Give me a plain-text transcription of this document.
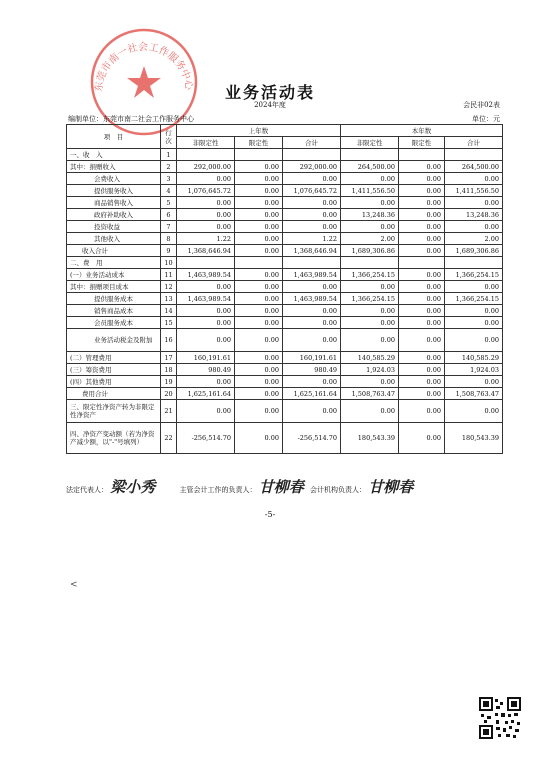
东莞市南一社会工作服务中心	业务活动表
2024年度	会民非02表
编制单位：东莞市南二社会工作服务中心	单位：元
项　目	行次	上年数			本年数		
		非限定性	限定性	合计	非限定性	限定性	合计
一、收　入	1						
其中：捐赠收入	2	292,000.00	0.00	292,000.00	264,500.00	0.00	264,500.00
会费收入	3	0.00	0.00	0.00	0.00	0.00	0.00
提供服务收入	4	1,076,645.72	0.00	1,076,645.72	1,411,556.50	0.00	1,411,556.50
商品销售收入	5	0.00	0.00	0.00	0.00	0.00	0.00
政府补助收入	6	0.00	0.00	0.00	13,248.36	0.00	13,248.36
投资收益	7	0.00	0.00	0.00	0.00	0.00	0.00
其他收入	8	1.22	0.00	1.22	2.00	0.00	2.00
收入合计	9	1,368,646.94	0.00	1,368,646.94	1,689,306.86	0.00	1,689,306.86
二、费　用	10						
(一）业务活动成本	11	1,463,989.54	0.00	1,463,989.54	1,366,254.15	0.00	1,366,254.15
其中：捐赠项目成本	12	0.00	0.00	0.00	0.00	0.00	0.00
提供服务成本	13	1,463,989.54	0.00	1,463,989.54	1,366,254.15	0.00	1,366,254.15
销售商品成本	14	0.00	0.00	0.00	0.00	0.00	0.00
会员服务成本	15	0.00	0.00	0.00	0.00	0.00	0.00
业务活动税金及附加	16	0.00	0.00	0.00	0.00	0.00	0.00
(二）管理费用	17	160,191.61	0.00	160,191.61	140,585.29	0.00	140,585.29
(三）筹资费用	18	980.49	0.00	980.49	1,924.03	0.00	1,924.03
(四）其他费用	19	0.00	0.00	0.00	0.00	0.00	0.00
费用合计	20	1,625,161.64	0.00	1,625,161.64	1,508,763.47	0.00	1,508,763.47
三、限定性净资产转为非限定性净资产	21	0.00	0.00	0.00	0.00	0.00	0.00
四、净资产变动额（若为净资产减少额，以"-"号填列）	22	-256,514.70	0.00	-256,514.70	180,543.39	0.00	180,543.39
法定代表人： 梁小秀	主管会计工作的负责人： 甘柳春 会计机构负责人： 甘柳春
-5-
<
